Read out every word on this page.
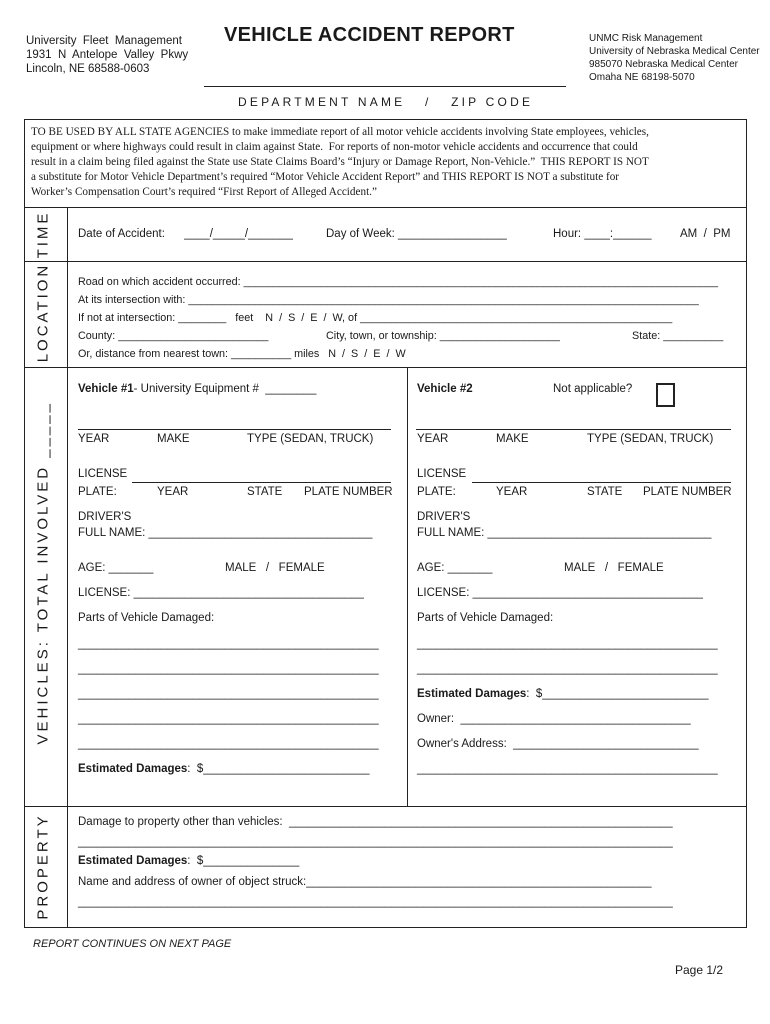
University  Fleet  Management
1931  N  Antelope  Valley  Pkwy
Lincoln, NE 68588-0603
VEHICLE ACCIDENT REPORT
DEPARTMENT NAME   /   ZIP CODE
UNMC Risk Management
University of Nebraska Medical Center
985070 Nebraska Medical Center
Omaha NE 68198-5070
TO BE USED BY ALL STATE AGENCIES to make immediate report of all motor vehicle accidents involving State employees, vehicles,
equipment or where highways could result in claim against State.  For reports of non-motor vehicle accidents and occurrence that could
result in a claim being filed against the State use State Claims Board’s “Injury or Damage Report, Non-Vehicle.”  THIS REPORT IS NOT
a substitute for Motor Vehicle Department’s required “Motor Vehicle Accident Report” and THIS REPORT IS NOT a substitute for
Worker’s Compensation Court’s required “First Report of Alleged Accident.”
TIME Date of Accident:      ____/_____/_______	Day of Week: _________________	Hour: ____:______ AM  /  PM
LOCATION Road on which accident occurred: _______________________________________________________________________________
At its intersection with: _____________________________________________________________________________________
If not at intersection: ________   feet    N  /  S  /  E  /  W, of ____________________________________________________
County: _________________________	City, town, or township: ____________________	State: __________
Or, distance from nearest town: __________ miles   N  /  S  /  E  /  W
VEHICLES: TOTAL INVOLVED _____
Vehicle #1- University Equipment #  ________
YEAR	MAKE	TYPE (SEDAN, TRUCK)
LICENSE
PLATE:	YEAR	STATE PLATE NUMBER
DRIVER'S
FULL NAME: ___________________________________
AGE: _______	MALE   /   FEMALE
LICENSE: ____________________________________
Parts of Vehicle Damaged:
_______________________________________________
_______________________________________________
_______________________________________________
_______________________________________________
_______________________________________________
Estimated Damages:  $__________________________
Vehicle #2	Not applicable?
YEAR	MAKE	TYPE (SEDAN, TRUCK)
LICENSE
PLATE:	YEAR	STATE PLATE NUMBER
DRIVER'S
FULL NAME: ___________________________________
AGE: _______	MALE   /   FEMALE
LICENSE: ____________________________________
Parts of Vehicle Damaged:
_______________________________________________
_______________________________________________
Estimated Damages:  $__________________________
Owner:  ____________________________________
Owner's Address:  _____________________________
_______________________________________________
PROPERTY Damage to property other than vehicles:  ____________________________________________________________
_____________________________________________________________________________________________
Estimated Damages:  $_______________
Name and address of owner of object struck:______________________________________________________
_____________________________________________________________________________________________
REPORT CONTINUES ON NEXT PAGE
Page 1/2
